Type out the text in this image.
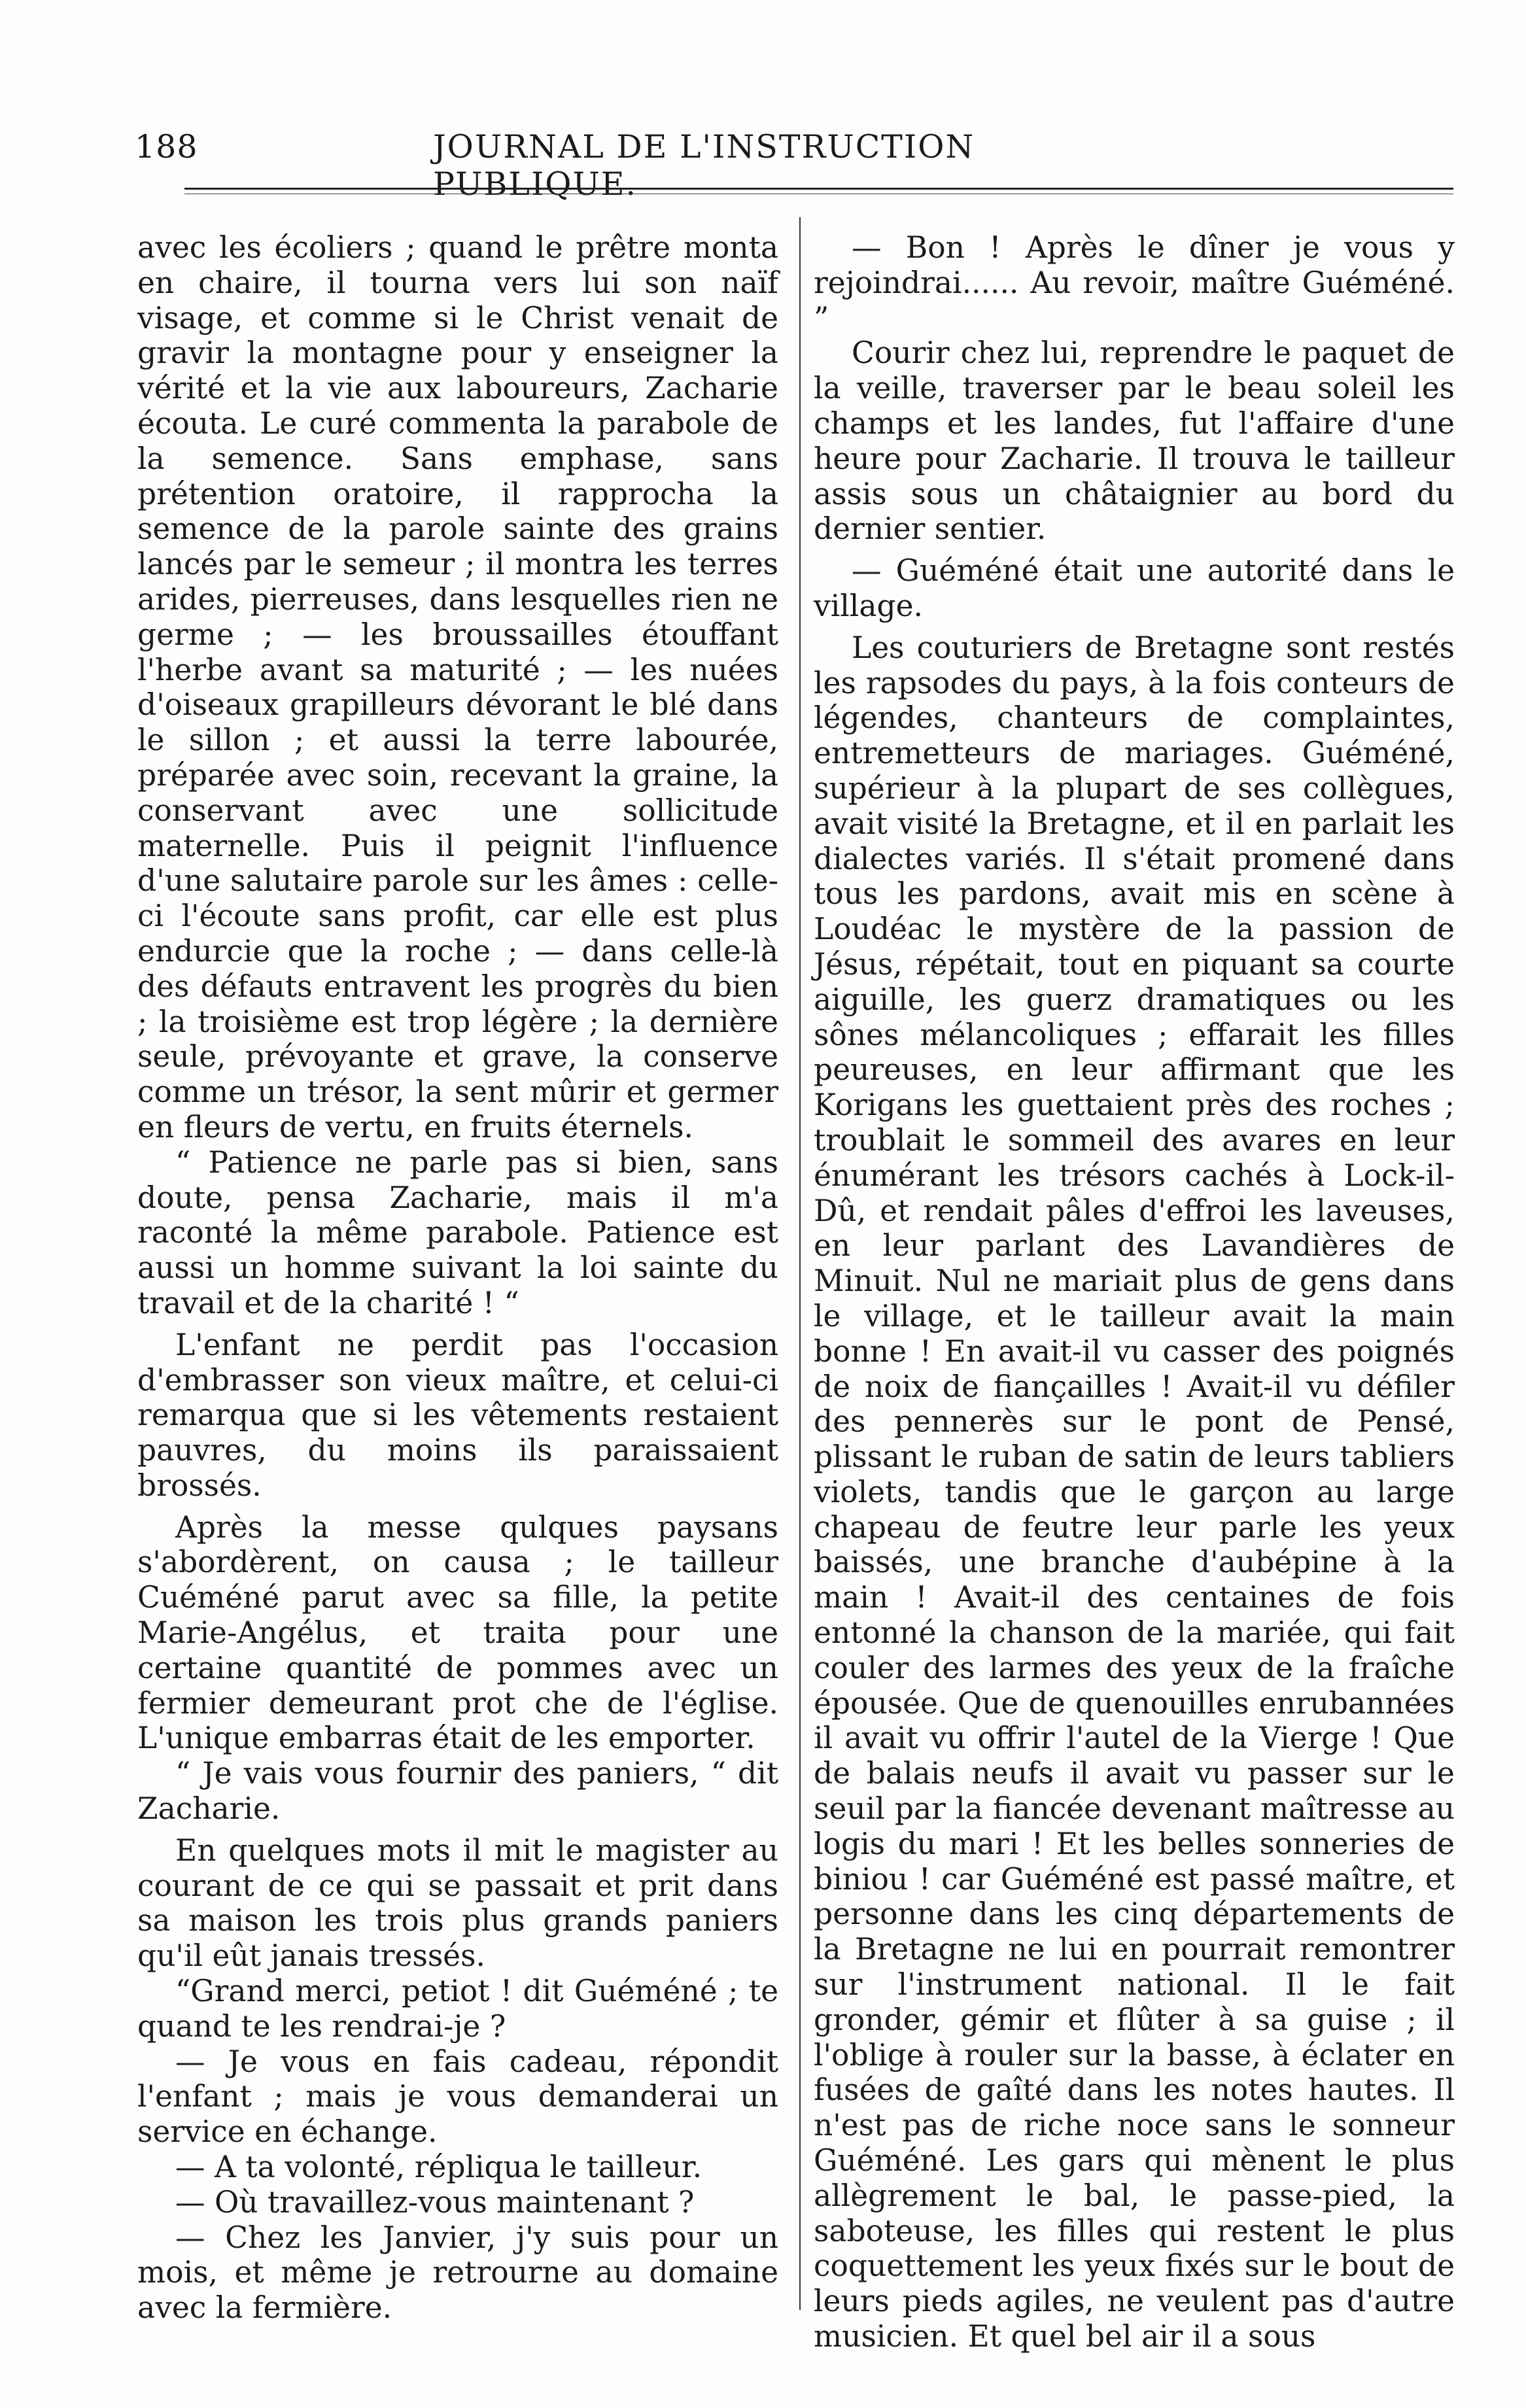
188	JOURNAL DE L'INSTRUCTION PUBLIQUE.

avec les écoliers ; quand le prêtre monta en chaire, il tourna vers lui son naïf visage, et comme si le Christ venait de gravir la montagne pour y enseigner la vérité et la vie aux laboureurs, Zacharie écouta. Le curé commenta la parabole de la semence. Sans emphase, sans prétention oratoire, il rapprocha la semence de la parole sainte des grains lancés par le semeur ; il montra les terres arides, pierreuses, dans lesquelles rien ne germe ; — les broussailles étouffant l'herbe avant sa maturité ; — les nuées d'oiseaux grapilleurs dévorant le blé dans le sillon ; et aussi la terre labourée, préparée avec soin, recevant la graine, la conservant avec une sollicitude maternelle. Puis il peignit l'influence d'une salutaire parole sur les âmes : celle-ci l'écoute sans profit, car elle est plus endurcie que la roche ; — dans celle-là des défauts entravent les progrès du bien ; la troisième est trop légère ; la dernière seule, prévoyante et grave, la conserve comme un trésor, la sent mûrir et germer en fleurs de vertu, en fruits éternels.

“ Patience ne parle pas si bien, sans doute, pensa Zacharie, mais il m'a raconté la même parabole. Patience est aussi un homme suivant la loi sainte du travail et de la charité ! “

L'enfant ne perdit pas l'occasion d'embrasser son vieux maître, et celui-ci remarqua que si les vêtements restaient pauvres, du moins ils paraissaient brossés.

Après la messe qulques paysans s'abordèrent, on causa ; le tailleur Cuéméné parut avec sa fille, la petite Marie-Angélus, et traita pour une certaine quantité de pommes avec un fermier demeurant prot che de l'église. L'unique embarras était de les emporter.

“ Je vais vous fournir des paniers, “ dit Zacharie.

En quelques mots il mit le magister au courant de ce qui se passait et prit dans sa maison les trois plus grands paniers qu'il eût janais tressés.

“Grand merci, petiot ! dit Guéméné ; te quand te les rendrai-je ?

— Je vous en fais cadeau, répondit l'enfant ; mais je vous demanderai un service en échange.

— A ta volonté, répliqua le tailleur.

— Où travaillez-vous maintenant ?

— Chez les Janvier, j'y suis pour un mois, et même je retrourne au domaine avec la fermière.

— Bon ! Après le dîner je vous y rejoindrai...... Au revoir, maître Guéméné. ”

Courir chez lui, reprendre le paquet de la veille, traverser par le beau soleil les champs et les landes, fut l'affaire d'une heure pour Zacharie. Il trouva le tailleur assis sous un châtaignier au bord du dernier sentier.

— Guéméné était une autorité dans le village.

Les couturiers de Bretagne sont restés les rapsodes du pays, à la fois conteurs de légendes, chanteurs de complaintes, entremetteurs de mariages. Guéméné, supérieur à la plupart de ses collègues, avait visité la Bretagne, et il en parlait les dialectes variés. Il s'était promené dans tous les pardons, avait mis en scène à Loudéac le mystère de la passion de Jésus, répétait, tout en piquant sa courte aiguille, les guerz dramatiques ou les sônes mélancoliques ; effarait les filles peureuses, en leur affirmant que les Korigans les guettaient près des roches ; troublait le sommeil des avares en leur énumérant les trésors cachés à Lock-il-Dû, et rendait pâles d'effroi les laveuses, en leur parlant des Lavandières de Minuit. Nul ne mariait plus de gens dans le village, et le tailleur avait la main bonne ! En avait-il vu casser des poignés de noix de fiançailles ! Avait-il vu défiler des pennerès sur le pont de Pensé, plissant le ruban de satin de leurs tabliers violets, tandis que le garçon au large chapeau de feutre leur parle les yeux baissés, une branche d'aubépine à la main ! Avait-il des centaines de fois entonné la chanson de la mariée, qui fait couler des larmes des yeux de la fraîche épousée. Que de quenouilles enrubannées il avait vu offrir l'autel de la Vierge ! Que de balais neufs il avait vu passer sur le seuil par la fiancée devenant maîtresse au logis du mari ! Et les belles sonneries de biniou ! car Guéméné est passé maître, et personne dans les cinq départements de la Bretagne ne lui en pourrait remontrer sur l'instrument national. Il le fait gronder, gémir et flûter à sa guise ; il l'oblige à rouler sur la basse, à éclater en fusées de gaîté dans les notes hautes. Il n'est pas de riche noce sans le sonneur Guéméné. Les gars qui mènent le plus allègrement le bal, le passe-pied, la saboteuse, les filles qui restent le plus coquettement les yeux fixés sur le bout de leurs pieds agiles, ne veulent pas d'autre musicien. Et quel bel air il a sous
